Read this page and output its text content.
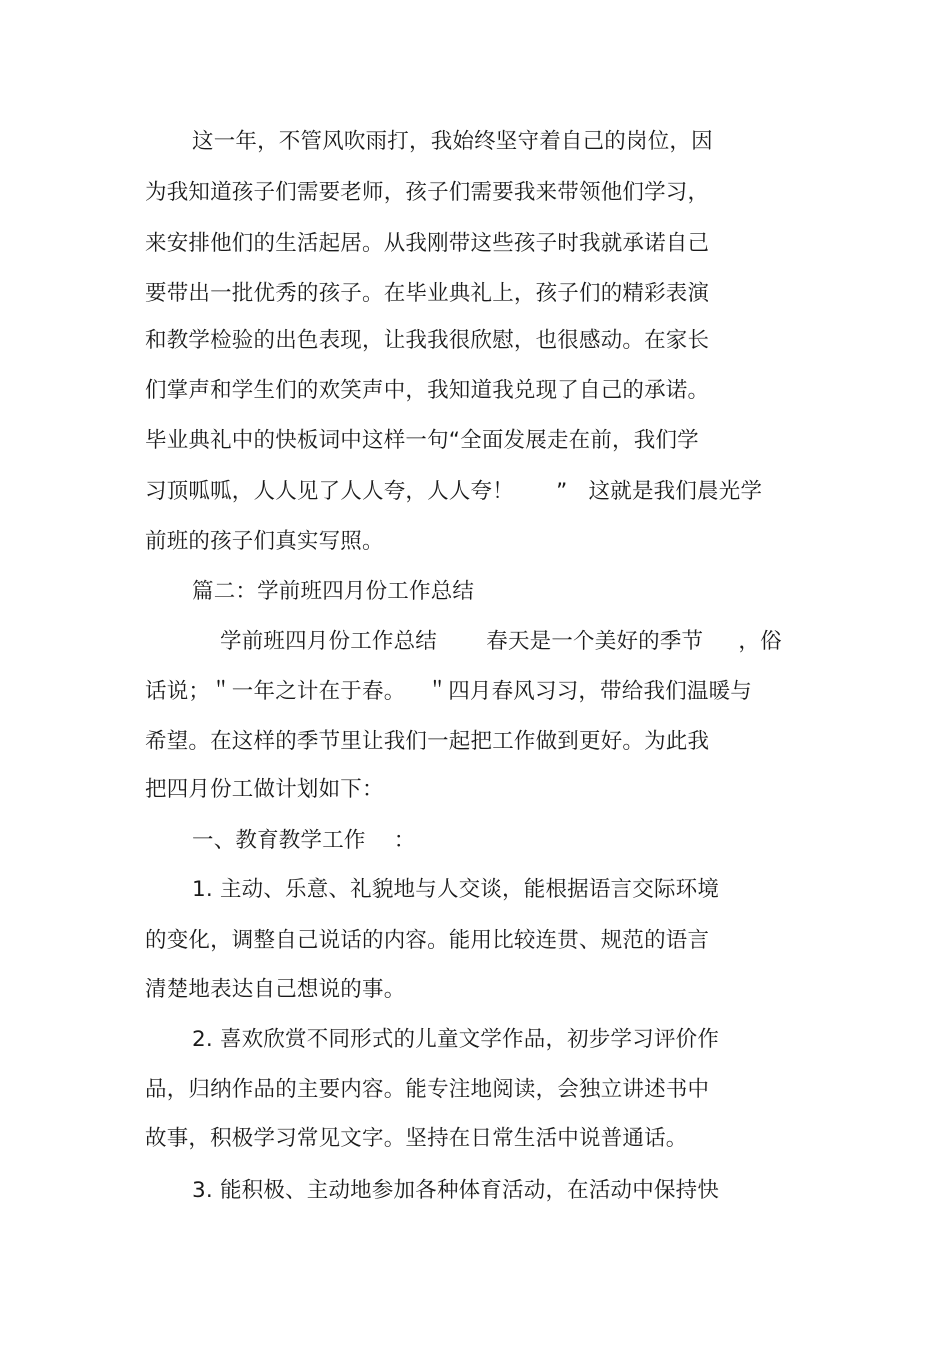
这一年，不管风吹雨打，我始终坚守着自己的岗位，因
为我知道孩子们需要老师，孩子们需要我来带领他们学习，
来安排他们的生活起居。从我刚带这些孩子时我就承诺自己
要带出一批优秀的孩子。在毕业典礼上，孩子们的精彩表演
和教学检验的出色表现，让我我很欣慰，也很感动。在家长
们掌声和学生们的欢笑声中，我知道我兑现了自己的承诺。
毕业典礼中的快板词中这样一句“全面发展走在前，我们学
习顶呱呱，人人见了人人夸，人人夸！      ”   这就是我们晨光学
前班的孩子们真实写照。
篇二：学前班四月份工作总结
学前班四月份工作总结       春天是一个美好的季节     ，俗
话说；＂一年之计在于春。   ＂四月春风习习，带给我们温暖与
希望。在这样的季节里让我们一起把工作做到更好。为此我
把四月份工做计划如下：
一、教育教学工作    ：
1. 主动、乐意、礼貌地与人交谈，能根据语言交际环境
的变化，调整自己说话的内容。能用比较连贯、规范的语言
清楚地表达自己想说的事。
2. 喜欢欣赏不同形式的儿童文学作品，初步学习评价作
品，归纳作品的主要内容。能专注地阅读，会独立讲述书中
故事，积极学习常见文字。坚持在日常生活中说普通话。
3. 能积极、主动地参加各种体育活动，在活动中保持快
